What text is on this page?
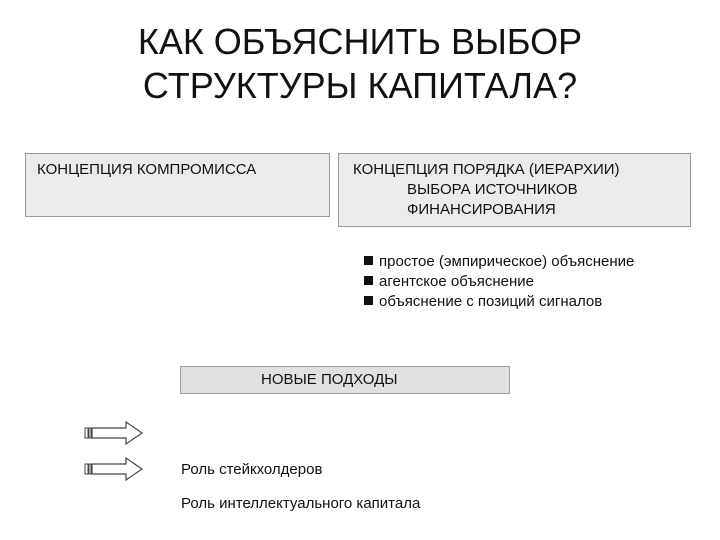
КАК ОБЪЯСНИТЬ ВЫБОР
СТРУКТУРЫ КАПИТАЛА?
КОНЦЕПЦИЯ КОМПРОМИССА	КОНЦЕПЦИЯ ПОРЯДКА (ИЕРАРХИИ)
ВЫБОРА ИСТОЧНИКОВ
ФИНАНСИРОВАНИЯ
простое (эмпирическое) объяснение
агентское объяснение
объяснение с позиций сигналов
НОВЫЕ ПОДХОДЫ
Роль стейкхолдеров
Роль интеллектуального капитала
